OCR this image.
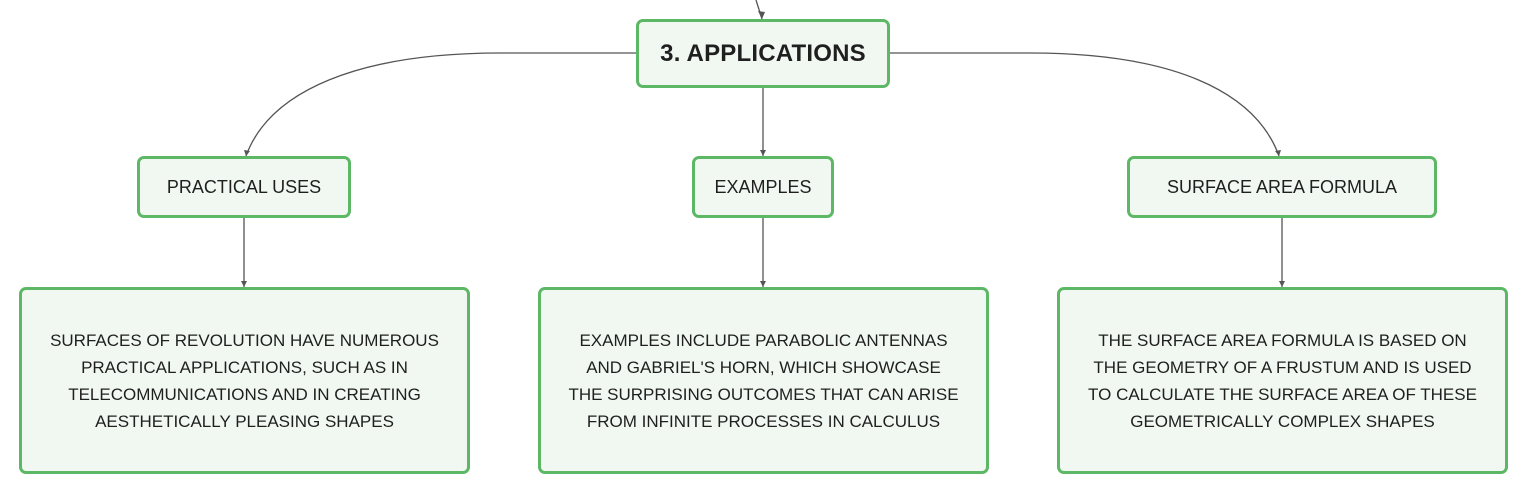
3. APPLICATIONS
PRACTICAL USES	EXAMPLES	SURFACE AREA FORMULA
SURFACES OF REVOLUTION HAVE NUMEROUS PRACTICAL APPLICATIONS, SUCH AS IN TELECOMMUNICATIONS AND IN CREATING AESTHETICALLY PLEASING SHAPES
EXAMPLES INCLUDE PARABOLIC ANTENNAS AND GABRIEL'S HORN, WHICH SHOWCASE THE SURPRISING OUTCOMES THAT CAN ARISE FROM INFINITE PROCESSES IN CALCULUS
THE SURFACE AREA FORMULA IS BASED ON THE GEOMETRY OF A FRUSTUM AND IS USED TO CALCULATE THE SURFACE AREA OF THESE GEOMETRICALLY COMPLEX SHAPES
